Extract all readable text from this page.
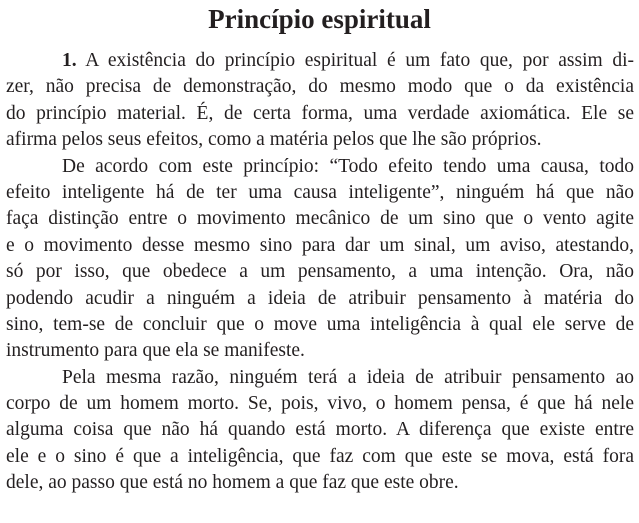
Princípio espiritual
1. A existência do princípio espiritual é um fato que, por assim di-
zer, não precisa de demonstração, do mesmo modo que o da existência
do princípio material. É, de certa forma, uma verdade axiomática. Ele se
afirma pelos seus efeitos, como a matéria pelos que lhe são próprios.
De acordo com este princípio: “Todo efeito tendo uma causa, todo
efeito inteligente há de ter uma causa inteligente”, ninguém há que não
faça distinção entre o movimento mecânico de um sino que o vento agite
e o movimento desse mesmo sino para dar um sinal, um aviso, atestando,
só por isso, que obedece a um pensamento, a uma intenção. Ora, não
podendo acudir a ninguém a ideia de atribuir pensamento à matéria do
sino, tem-se de concluir que o move uma inteligência à qual ele serve de
instrumento para que ela se manifeste.
Pela mesma razão, ninguém terá a ideia de atribuir pensamento ao
corpo de um homem morto. Se, pois, vivo, o homem pensa, é que há nele
alguma coisa que não há quando está morto. A diferença que existe entre
ele e o sino é que a inteligência, que faz com que este se mova, está fora
dele, ao passo que está no homem a que faz que este obre.
